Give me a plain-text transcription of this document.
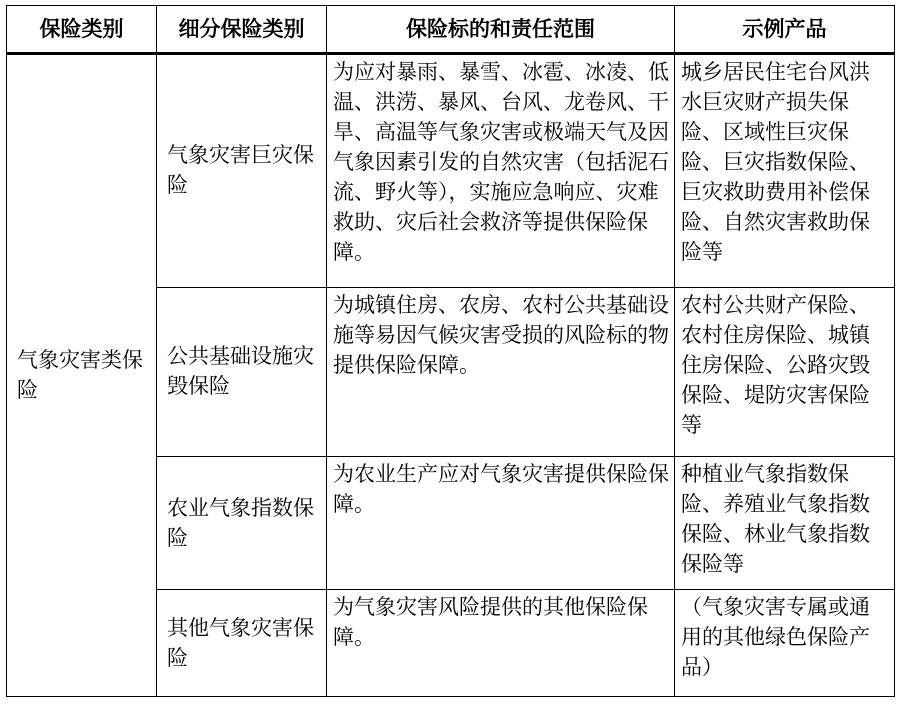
保险类别	细分保险类别	保险标的和责任范围	示例产品
气象灾害类保险	气象灾害巨灾保险	为应对暴雨、暴雪、冰雹、冰凌、低温、洪涝、暴风、台风、龙卷风、干旱、高温等气象灾害或极端天气及因气象因素引发的自然灾害（包括泥石流、野火等），实施应急响应、灾难救助、灾后社会救济等提供保险保障。	城乡居民住宅台风洪水巨灾财产损失保险、区域性巨灾保险、巨灾指数保险、巨灾救助费用补偿保险、自然灾害救助保险等
	公共基础设施灾毁保险	为城镇住房、农房、农村公共基础设施等易因气候灾害受损的风险标的物提供保险保障。	农村公共财产保险、农村住房保险、城镇住房保险、公路灾毁保险、堤防灾害保险等
	农业气象指数保险	为农业生产应对气象灾害提供保险保障。	种植业气象指数保险、养殖业气象指数保险、林业气象指数保险等
	其他气象灾害保险	为气象灾害风险提供的其他保险保障。	（气象灾害专属或通用的其他绿色保险产品）
